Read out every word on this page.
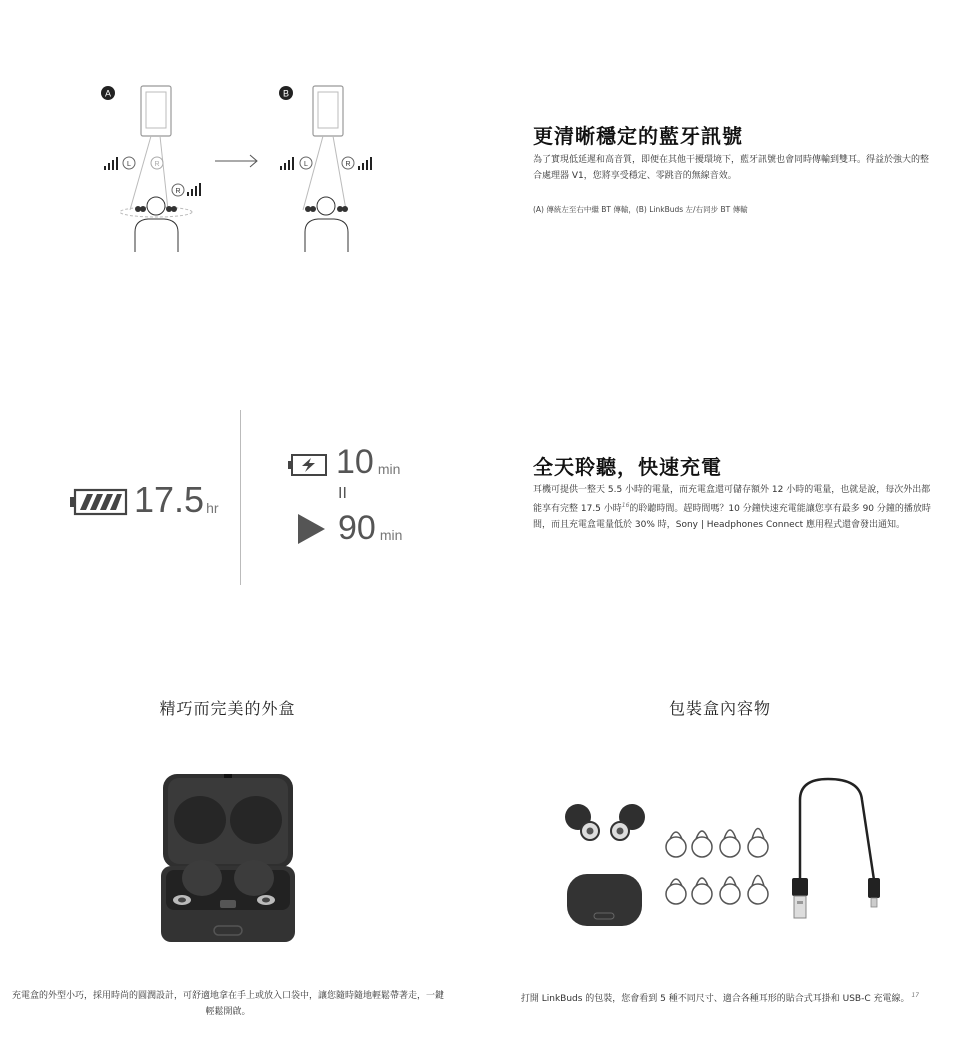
A
L	R
R
B
L	R
更清晰穩定的藍牙訊號
為了實現低延遲和高音質，即便在其他干擾環境下，藍牙訊號也會同時傳輸到雙耳。得益於強大的整合處理器 V1，您將享受穩定、零跳音的無線音效。
(A) 傳統左至右中繼 BT 傳輸，(B) LinkBuds 左/右同步 BT 傳輸
17.5 hr
10 min
II
90 min
全天聆聽，快速充電
耳機可提供一整天 5.5 小時的電量，而充電盒還可儲存額外 12 小時的電量，也就是說，每次外出都能享有完整 17.5 小時$^{16}$的聆聽時間。趕時間嗎？10 分鐘快速充電能讓您享有最多 90 分鐘的播放時間，而且充電盒電量低於 30% 時，Sony | Headphones Connect 應用程式還會發出通知。
精巧而完美的外盒	包裝盒內容物
充電盒的外型小巧，採用時尚的圓潤設計，可舒適地拿在手上或放入口袋中，讓您隨時隨地輕鬆帶著走，一鍵輕鬆開啟。
打開 LinkBuds 的包裝，您會看到 5 種不同尺寸、適合各種耳形的貼合式耳掛和 USB-C 充電線。 $^{17}$
